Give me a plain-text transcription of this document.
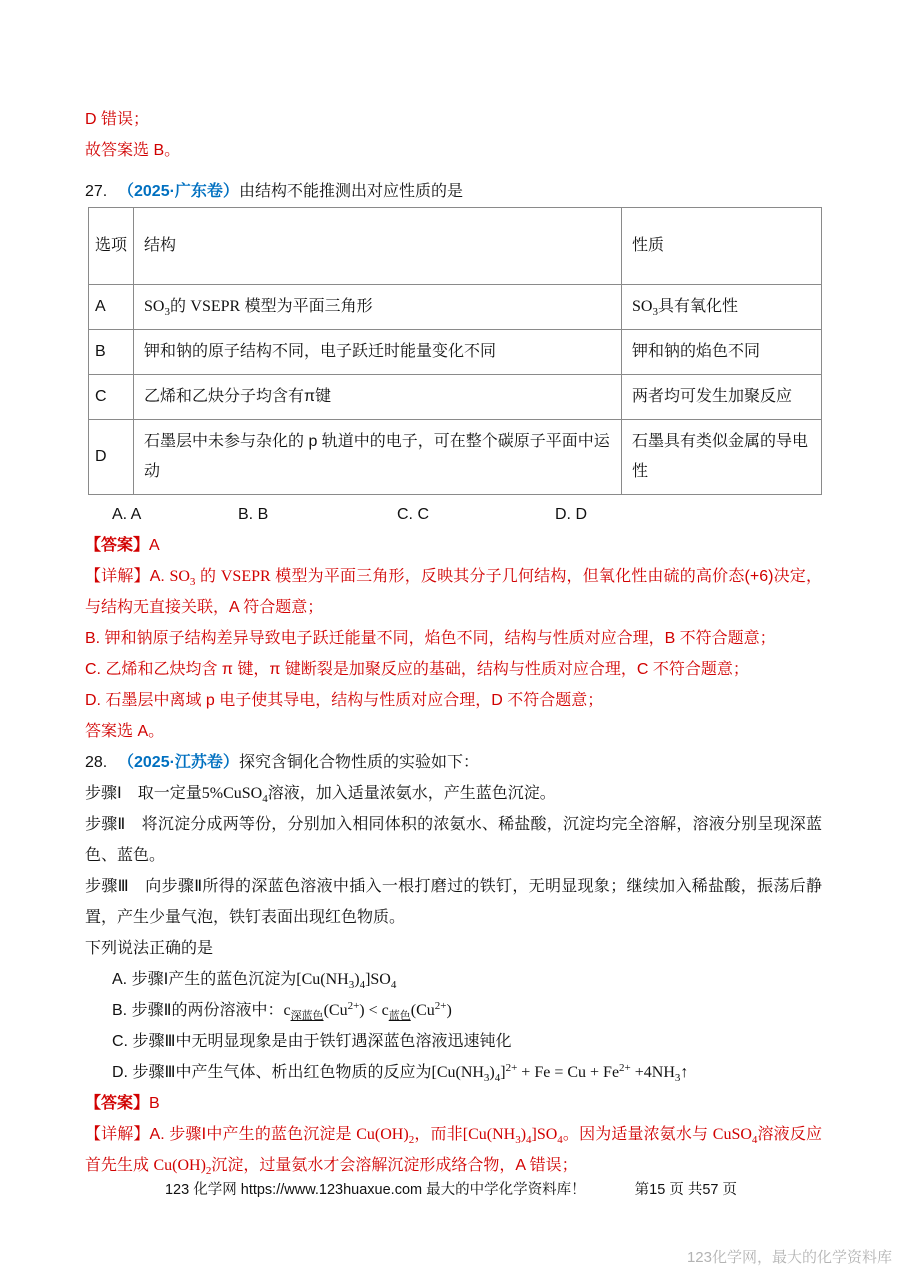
D 错误；

故答案选 B。

27. （2025·广东卷）由结构不能推测出对应性质的是

选项	结构	性质
A	$SO_3$的 VSEPR 模型为平面三角形	$SO_3$具有氧化性
B	钾和钠的原子结构不同，电子跃迁时能量变化不同	钾和钠的焰色不同
C	乙烯和乙炔分子均含有π键	两者均可发生加聚反应
D	石墨层中未参与杂化的 p 轨道中的电子，可在整个碳原子平面中运动	石墨具有类似金属的导电性

A. A	B. B	C. C	D. D

【答案】A

【详解】A. $SO_3$ 的 VSEPR 模型为平面三角形，反映其分子几何结构，但氧化性由硫的高价态(+6)决定，与结构无直接关联，A 符合题意；

B. 钾和钠原子结构差异导致电子跃迁能量不同，焰色不同，结构与性质对应合理，B 不符合题意；

C. 乙烯和乙炔均含 π 键，π 键断裂是加聚反应的基础，结构与性质对应合理，C 不符合题意；

D. 石墨层中离域 p 电子使其导电，结构与性质对应合理，D 不符合题意；

答案选 A。

28. （2025·江苏卷）探究含铜化合物性质的实验如下：

步骤Ⅰ　取一定量5%CuSO$_4$溶液，加入适量浓氨水，产生蓝色沉淀。

步骤Ⅱ　将沉淀分成两等份，分别加入相同体积的浓氨水、稀盐酸，沉淀均完全溶解，溶液分别呈现深蓝色、蓝色。

步骤Ⅲ　向步骤Ⅱ所得的深蓝色溶液中插入一根打磨过的铁钉，无明显现象；继续加入稀盐酸，振荡后静置，产生少量气泡，铁钉表面出现红色物质。

下列说法正确的是

A. 步骤Ⅰ产生的蓝色沉淀为$[Cu(NH_3)_4]SO_4$

B. 步骤Ⅱ的两份溶液中：$c_{深蓝色}(Cu^{2+}) < c_{蓝色}(Cu^{2+})$

C. 步骤Ⅲ中无明显现象是由于铁钉遇深蓝色溶液迅速钝化

D. 步骤Ⅲ中产生气体、析出红色物质的反应为$[Cu(NH_3)_4]^{2+} + Fe = Cu + Fe^{2+}$ $+4NH_3↑$

【答案】B

【详解】A. 步骤Ⅰ中产生的蓝色沉淀是 $Cu(OH)_2$，而非$[Cu(NH_3)_4]SO_4$。因为适量浓氨水与 CuSO$_4$溶液反应首先生成 $Cu(OH)_2$沉淀，过量氨水才会溶解沉淀形成络合物，A 错误；

123 化学网 https://www.123huaxue.com 最大的中学化学资料库！	第15 页 共57 页
123化学网，最大的化学资料库
